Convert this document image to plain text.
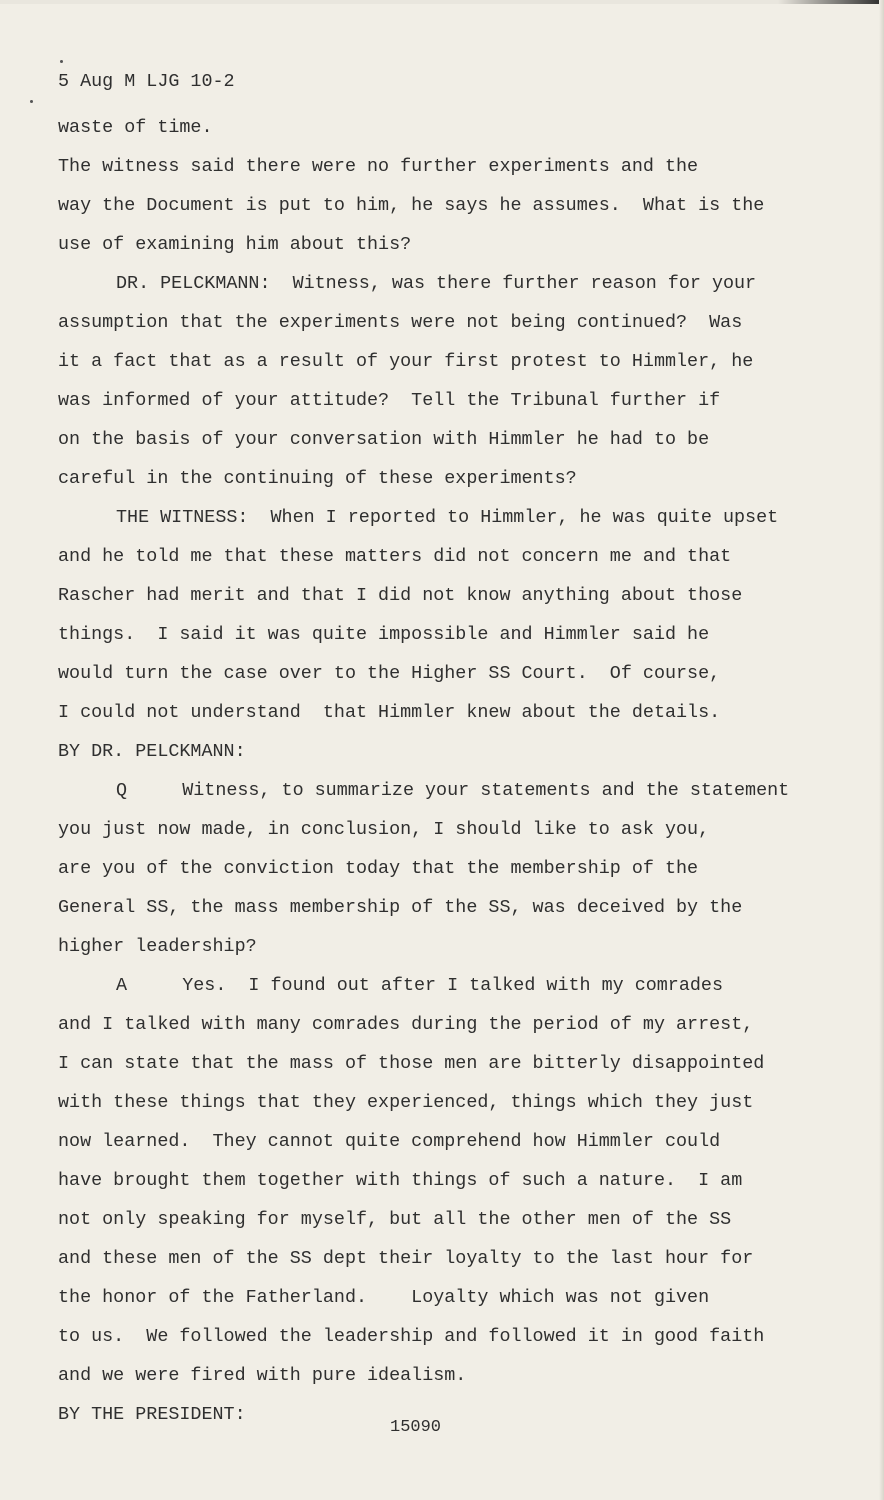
5 Aug M LJG 10-2
waste of time.
The witness said there were no further experiments and the
way the Document is put to him, he says he assumes.  What is the
use of examining him about this?
DR. PELCKMANN:  Witness, was there further reason for your
assumption that the experiments were not being continued?  Was
it a fact that as a result of your first protest to Himmler, he
was informed of your attitude?  Tell the Tribunal further if
on the basis of your conversation with Himmler he had to be
careful in the continuing of these experiments?
THE WITNESS:  When I reported to Himmler, he was quite upset
and he told me that these matters did not concern me and that
Rascher had merit and that I did not know anything about those
things.  I said it was quite impossible and Himmler said he
would turn the case over to the Higher SS Court.  Of course,
I could not understand  that Himmler knew about the details.
BY DR. PELCKMANN:
Q     Witness, to summarize your statements and the statement
you just now made, in conclusion, I should like to ask you,
are you of the conviction today that the membership of the
General SS, the mass membership of the SS, was deceived by the
higher leadership?
A     Yes.  I found out after I talked with my comrades
and I talked with many comrades during the period of my arrest,
I can state that the mass of those men are bitterly disappointed
with these things that they experienced, things which they just
now learned.  They cannot quite comprehend how Himmler could
have brought them together with things of such a nature.  I am
not only speaking for myself, but all the other men of the SS
and these men of the SS dept their loyalty to the last hour for
the honor of the Fatherland.    Loyalty which was not given
to us.  We followed the leadership and followed it in good faith
and we were fired with pure idealism.
BY THE PRESIDENT:
15090
